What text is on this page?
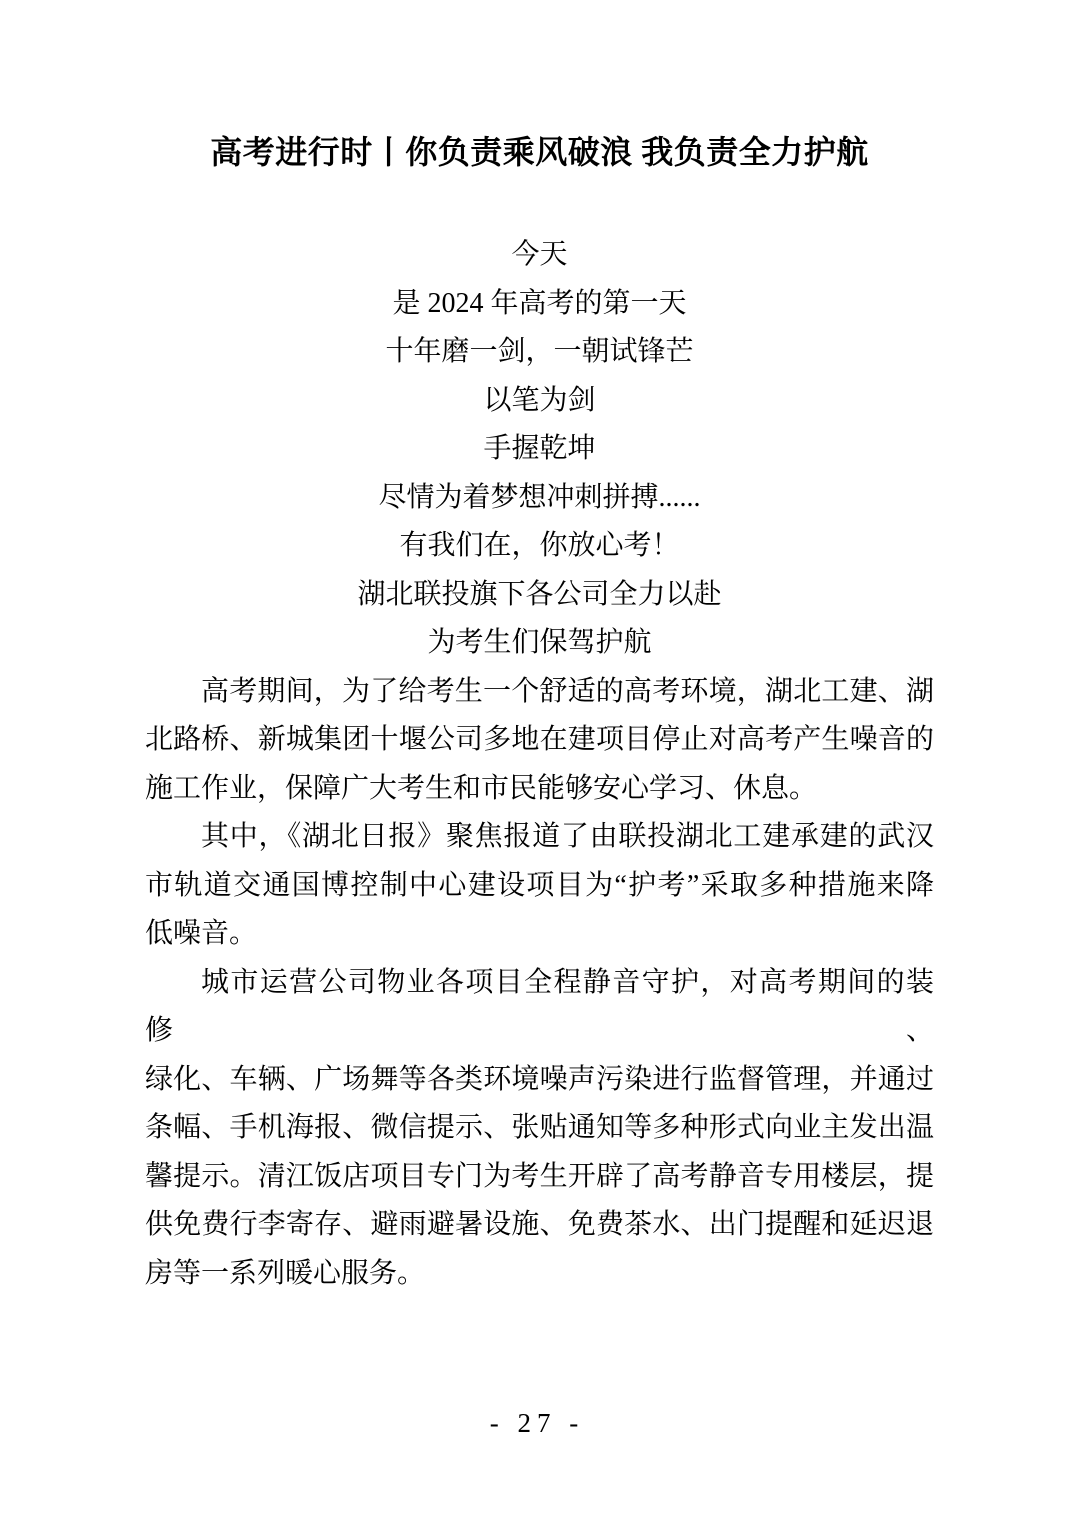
高考进行时丨你负责乘风破浪 我负责全力护航
今天
是 2024 年高考的第一天
十年磨一剑，一朝试锋芒
以笔为剑
手握乾坤
尽情为着梦想冲刺拼搏......
有我们在，你放心考！
湖北联投旗下各公司全力以赴
为考生们保驾护航
高考期间，为了给考生一个舒适的高考环境，湖北工建、湖
北路桥、新城集团十堰公司多地在建项目停止对高考产生噪音的
施工作业，保障广大考生和市民能够安心学习、休息。
其中，《湖北日报》聚焦报道了由联投湖北工建承建的武汉
市轨道交通国博控制中心建设项目为“护考”采取多种措施来降
低噪音。
城市运营公司物业各项目全程静音守护，对高考期间的装修、
绿化、车辆、广场舞等各类环境噪声污染进行监督管理，并通过
条幅、手机海报、微信提示、张贴通知等多种形式向业主发出温
馨提示。清江饭店项目专门为考生开辟了高考静音专用楼层，提
供免费行李寄存、避雨避暑设施、免费茶水、出门提醒和延迟退
房等一系列暖心服务。
- 27 -
